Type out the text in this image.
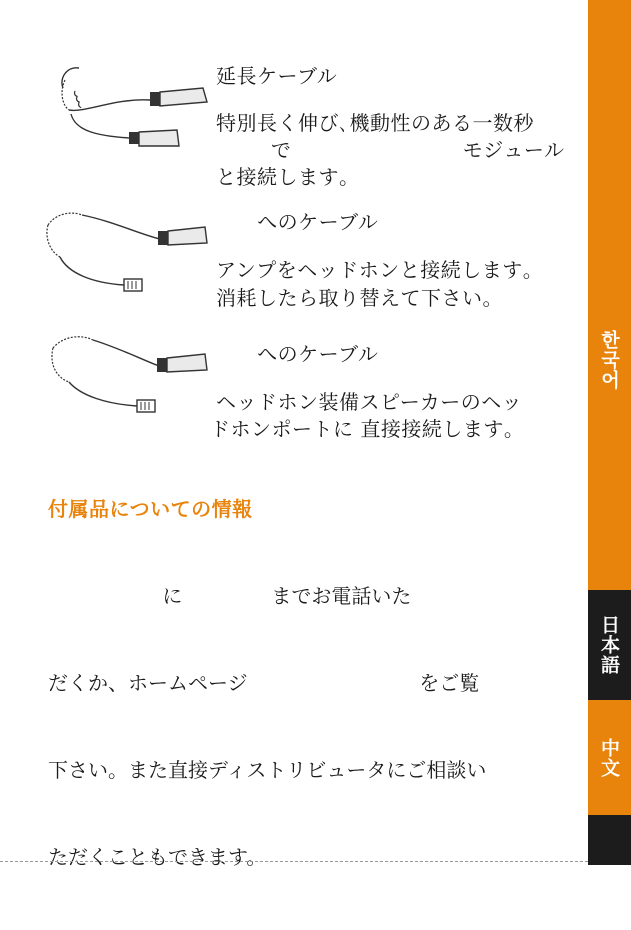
延長ケーブル
特別長く伸び､機動性のある一数秒
で                         モジュール
と接続します｡
へのケーブル
アンプをヘッドホンと接続します｡
消耗したら取り替えて下さい｡
へのケーブル
ヘッドホン装備スピーカーのヘッ
ドホンポートに 直接接続します｡
付属品についての情報

に              までお電話いた

だくか、ホームページ                           をご覧

下さい。また直接ディストリビュータにご相談い

ただくこともできます。

한국어
日本語
中文
